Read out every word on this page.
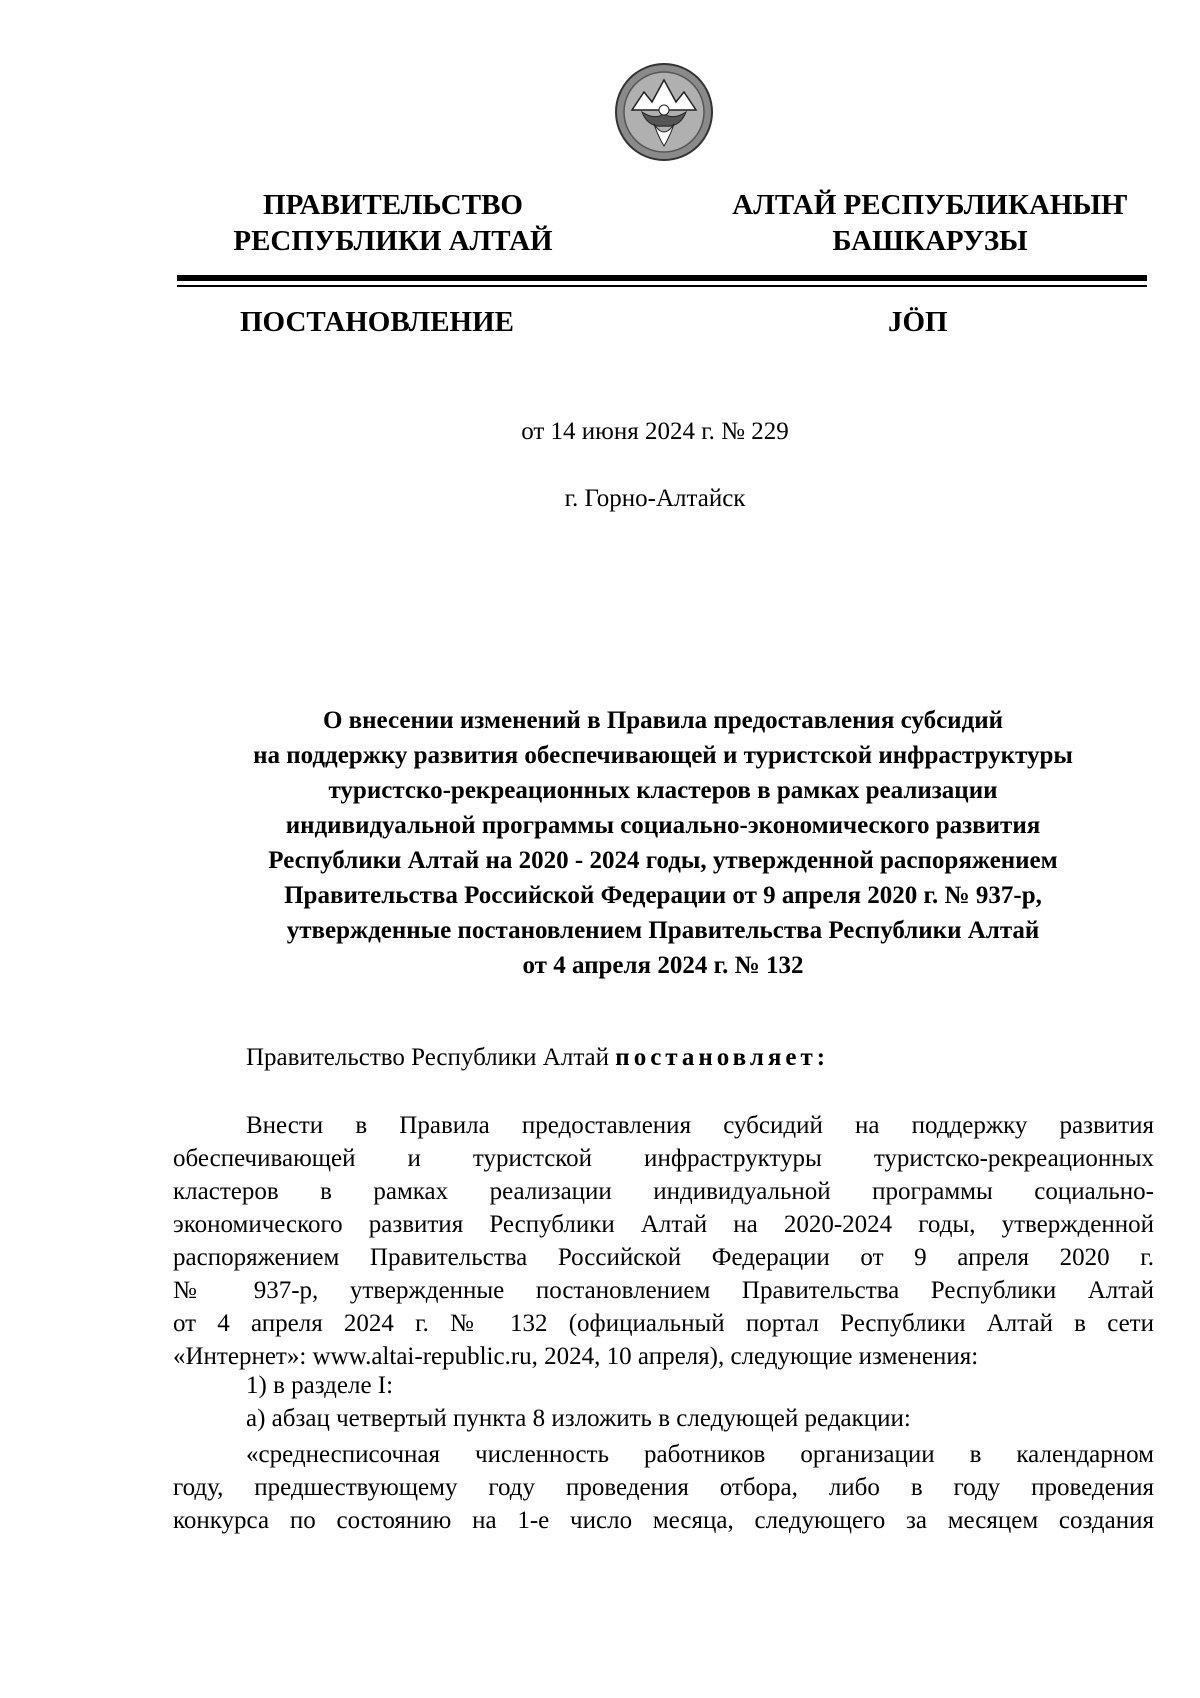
ПРАВИТЕЛЬСТВО
РЕСПУБЛИКИ АЛТАЙ
АЛТАЙ РЕСПУБЛИКАНЫҤ
БАШКАРУЗЫ
ПОСТАНОВЛЕНИЕ	JÖП
от 14 июня 2024 г. № 229
г. Горно-Алтайск
О внесении изменений в Правила предоставления субсидий
на поддержку развития обеспечивающей и туристской инфраструктуры
туристско-рекреационных кластеров в рамках реализации
индивидуальной программы социально-экономического развития
Республики Алтай на 2020 - 2024 годы, утвержденной распоряжением
Правительства Российской Федерации от 9 апреля 2020 г. № 937-р,
утвержденные постановлением Правительства Республики Алтай
от 4 апреля 2024 г. № 132
Правительство Республики Алтай постановляет:
Внести в Правила предоставления субсидий на поддержку развития
обеспечивающей и туристской инфраструктуры туристско-рекреационных
кластеров в рамках реализации индивидуальной программы социально-
экономического развития Республики Алтай на 2020-2024 годы, утвержденной
распоряжением Правительства Российской Федерации от 9 апреля 2020 г.
№ 937-р, утвержденные постановлением Правительства Республики Алтай
от 4 апреля 2024 г. № 132 (официальный портал Республики Алтай в сети
«Интернет»: www.altai-republic.ru, 2024, 10 апреля), следующие изменения:
1) в разделе I:
а) абзац четвертый пункта 8 изложить в следующей редакции:
«среднесписочная численность работников организации в календарном
году, предшествующему году проведения отбора, либо в году проведения
конкурса по состоянию на 1-е число месяца, следующего за месяцем создания
